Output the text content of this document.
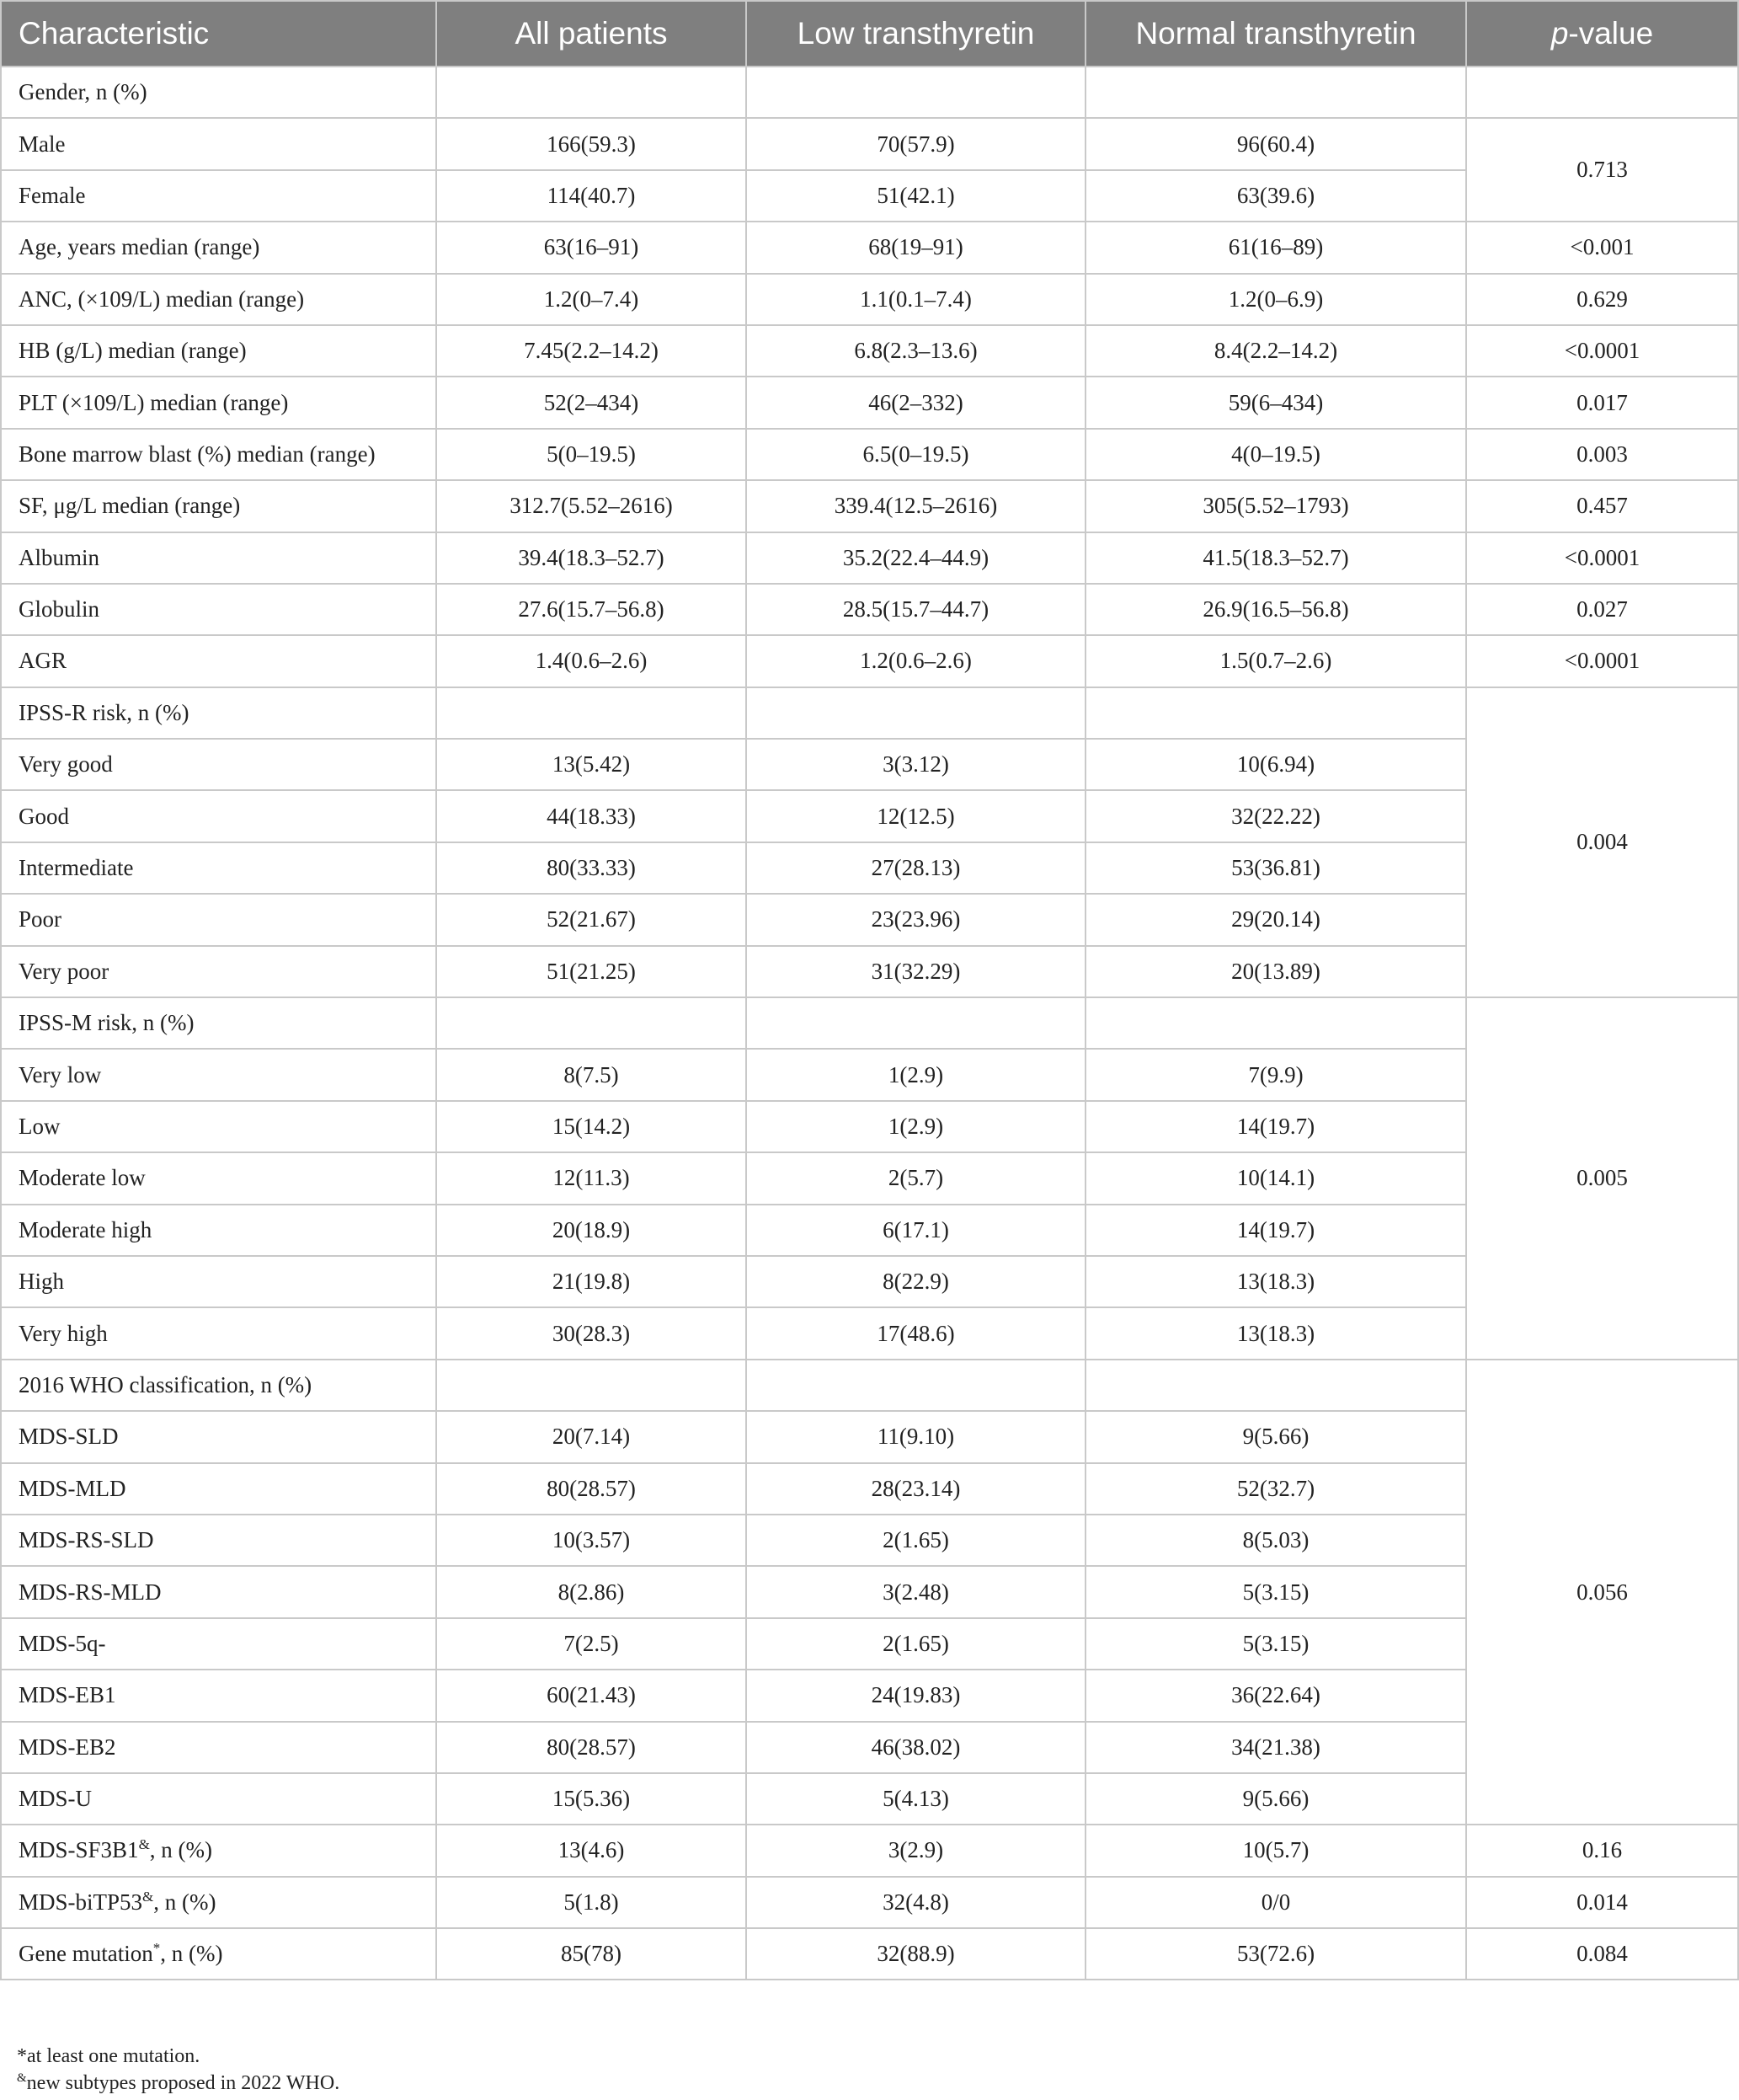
Characteristic	All patients	Low transthyretin	Normal transthyretin	p-value
Gender, n (%)				
Male	166(59.3)	70(57.9)	96(60.4)	0.713
Female	114(40.7)	51(42.1)	63(39.6)	
Age, years median (range)	63(16–91)	68(19–91)	61(16–89)	<0.001
ANC, (×109/L) median (range)	1.2(0–7.4)	1.1(0.1–7.4)	1.2(0–6.9)	0.629
HB (g/L) median (range)	7.45(2.2–14.2)	6.8(2.3–13.6)	8.4(2.2–14.2)	<0.0001
PLT (×109/L) median (range)	52(2–434)	46(2–332)	59(6–434)	0.017
Bone marrow blast (%) median (range)	5(0–19.5)	6.5(0–19.5)	4(0–19.5)	0.003
SF, μg/L median (range)	312.7(5.52–2616)	339.4(12.5–2616)	305(5.52–1793)	0.457
Albumin	39.4(18.3–52.7)	35.2(22.4–44.9)	41.5(18.3–52.7)	<0.0001
Globulin	27.6(15.7–56.8)	28.5(15.7–44.7)	26.9(16.5–56.8)	0.027
AGR	1.4(0.6–2.6)	1.2(0.6–2.6)	1.5(0.7–2.6)	<0.0001
IPSS-R risk, n (%)				0.004
Very good	13(5.42)	3(3.12)	10(6.94)	
Good	44(18.33)	12(12.5)	32(22.22)	
Intermediate	80(33.33)	27(28.13)	53(36.81)	
Poor	52(21.67)	23(23.96)	29(20.14)	
Very poor	51(21.25)	31(32.29)	20(13.89)	
IPSS-M risk, n (%)				0.005
Very low	8(7.5)	1(2.9)	7(9.9)	
Low	15(14.2)	1(2.9)	14(19.7)	
Moderate low	12(11.3)	2(5.7)	10(14.1)	
Moderate high	20(18.9)	6(17.1)	14(19.7)	
High	21(19.8)	8(22.9)	13(18.3)	
Very high	30(28.3)	17(48.6)	13(18.3)	
2016 WHO classification, n (%)				0.056
MDS-SLD	20(7.14)	11(9.10)	9(5.66)	
MDS-MLD	80(28.57)	28(23.14)	52(32.7)	
MDS-RS-SLD	10(3.57)	2(1.65)	8(5.03)	
MDS-RS-MLD	8(2.86)	3(2.48)	5(3.15)	
MDS-5q-	7(2.5)	2(1.65)	5(3.15)	
MDS-EB1	60(21.43)	24(19.83)	36(22.64)	
MDS-EB2	80(28.57)	46(38.02)	34(21.38)	
MDS-U	15(5.36)	5(4.13)	9(5.66)	
MDS-SF3B1&, n (%)	13(4.6)	3(2.9)	10(5.7)	0.16
MDS-biTP53&, n (%)	5(1.8)	32(4.8)	0/0	0.014
Gene mutation*, n (%)	85(78)	32(88.9)	53(72.6)	0.084
*at least one mutation.
&new subtypes proposed in 2022 WHO.
